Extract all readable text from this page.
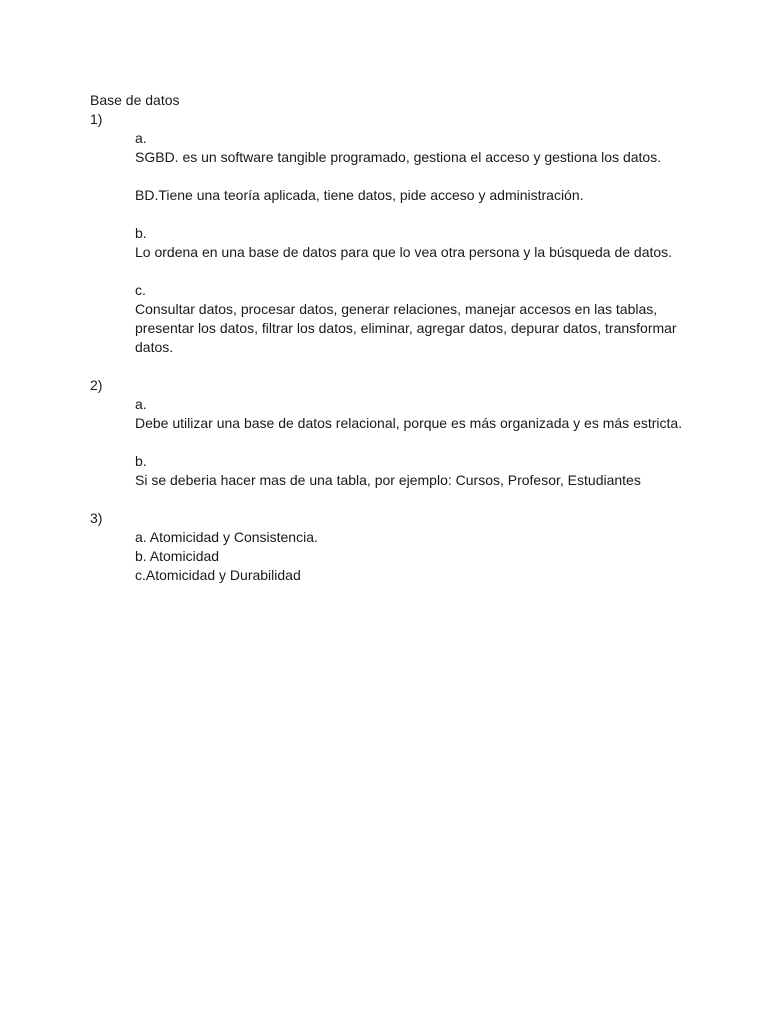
Base de datos
1)
a.
SGBD. es un software tangible programado, gestiona el acceso y gestiona los datos.
BD.Tiene una teoría aplicada, tiene datos, pide acceso y administración.
b.
Lo ordena en una base de datos para que lo vea otra persona y la búsqueda de datos.
c.
Consultar datos, procesar datos, generar relaciones, manejar accesos en las tablas, presentar los datos, filtrar los datos, eliminar, agregar datos, depurar datos, transformar datos.
2)
a.
Debe utilizar una base de datos relacional, porque es más organizada y es más estricta.
b.
Si se deberia hacer mas de una tabla, por ejemplo: Cursos, Profesor, Estudiantes
3)
a. Atomicidad y Consistencia.
b. Atomicidad
c.Atomicidad y Durabilidad
